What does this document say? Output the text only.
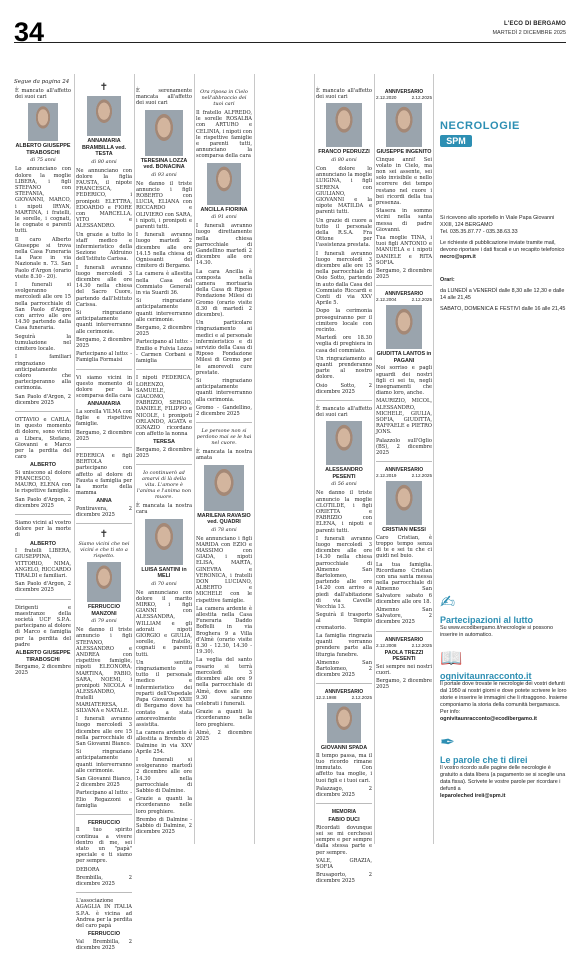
34	L'ECO DI BERGAMO
MARTEDÌ 2 DICEMBRE 2025
Segue da pagina 24
È mancato all'affetto dei suoi cari
ALBERTO GIUSEPPE TIRABOSCHI
di 75 anni
Lo annunciano con dolore la moglie LIBERA, i figli STEFANO con STEFANIA, GIOVANNI, MARCO, i nipoti IRYAN, MARTINA, i fratelli, le sorelle, i cognati, le cognate e parenti tutti.
Il caro Alberto Giuseppe si trova nella Casa Funeraria La Pace in via Nazionale n. 73. San Paolo d'Argon (orario visite 8.30 - 20).
I funerali si svolgeranno mercoledì alle ore 15 nella parrocchiale di San Paolo d'Argon con arrivo alle ore 14.50 partendo dalla Casa funeraria.
Seguirà la tumulazione nel cimitero locale.
I familiari ringraziano anticipatamente coloro che parteciperanno alla cerimonia.
San Paolo d'Argon, 2 dicembre 2025
OTTAVIO e CARLA, in questo momento di dolore, sono vicini a Libera, Stefano, Giovanni e Marco per la perdita del caro
ALBERTO
Si uniscono al dolore FRANCESCO, MAURO, ELENA con le rispettive famiglie.
San Paolo d'Argon, 2 dicembre 2025
Siamo vicini al vostro dolore per la morte di
ALBERTO
I fratelli LIBERA, GIUSEPPINA, VITTORIO, NIMA, ANGELO, RICCARDO TIRALDI e familiari.
San Paolo d'Argon, 2 dicembre 2025
Dirigenti e maestranze della società UCF S.P.A. partecipano al dolore di Marco e famiglia per la perdita del padre
ALBERTO GIUSEPPE TIRABOSCHI
Bergamo, 2 dicembre 2025
✝
ANNAMARIA BRAMBILLA ved. TESTA
di 80 anni
Ne annunciano con dolore la figlia FAUSTA, il nipote FRANCESCA, FEDERICO, i pronipoti ELETTRA, EDOARDO e FIORE con MARCELLA, VITO e ALESSANDRO.
Un grazie a tutto lo staff medico e infermieristico della Sezione Aldruino dell'Istituto Carissa.
I funerali avranno luogo mercoledì 3 dicembre alle ore 14.30 nella chiesa del Sacro Cuore, partendo dall'Istituto Carissa.
Si ringraziano anticipatamente quanti interverranno alle cerimonie.
Bergamo, 2 dicembre 2025
Partecipano al lutto: - Famiglia Formaisi
Vi siamo vicini in questo momento di dolore per la scomparsa della cara
ANNAMARIA
La sorella VILMA con figlie e rispettive famiglie.
Bergamo, 2 dicembre 2025
FEDERICA e figli BERTOLA partecipano con affetto al dolore di Fausta e famiglia per la morte della mamma
ANNA
Pontiravera, 2 dicembre 2025
✝
Siamo vicini che nei vicini e che ti sto a rispetto.
FERRUCCIO MANZONI
di 79 anni
Ne danno il triste annuncio i figli STEFANO, ALESSANDRO e ANDREA con rispettive famiglie, nipoti ELEONORA, MARTINA, FABIO, SARA, NOEMI, i pronipoti NICOLA e ALESSANDRO, fratelli MARIATERESA, SILVANA e NATALE.
I funerali avranno luogo mercoledì 3 dicembre alle ore 15 nella parrocchiale di San Giovanni Bianco.
Si ringraziano anticipatamente quanti interverranno alle cerimonie.
San Giovanni Bianco, 2 dicembre 2025
Partecipano al lutto: - Elio Regazzoni e famiglia
FERRUCCIO
Il tuo spirito continua a vivere dentro di me, sei stato un "papà" speciale e ti siamo per sempre.
DEBORA
Brembilla, 2 dicembre 2025
L'associazione AGAGLIA IN ITALIA S.P.A. è vicina ad Andrea per la perdita del caro papà
FERRUCCIO
Val Brembilla, 2 dicembre 2025
È serenamente mancata all'affetto dei suoi cari
TERESINA LOZZA ved. BONACINA
di 93 anni
Ne danno il triste annuncio i figli ROBERTO con LUCIA, ELIANA con RICCARDO e OLIVIERO con SARA, i nipoti, i pronipoti e parenti tutti.
I funerali avranno luogo martedì 2 dicembre alle ore 14.15 nella chiesa di Ognissanti del cimitero di Bergamo.
La camera è allestita nella Casa del Commiato Generali in via Suardi 36.
Si ringraziano anticipatamente quanti interverranno alle cerimonie.
Bergamo, 2 dicembre 2025
Partecipano al lutto: - Emilio e Fulvia Lozza - Carmen Corbani e famiglia
I nipoti FEDERICA, LORENZO, SAMUELE, GIACOMO, FABRIZIO, SERGIO, DANIELE, FILIPPO e NICOLE, i pronipoti ORLANDO, AGATA e IGNAZIO ricordano con affetto la nonna
TERESA
Bergamo, 2 dicembre 2025
Io continuerò ad amarvi di là della vita. L'amore è l'anima e l'anima non muore.
È mancata la nostra cara
LUISA SANTINI in MELI
di 70 anni
Ne annunciano con dolore il marito MIRKO, i figli GIANNI con ALESSANDRA, WILLIAM e gli adorati nipoti GIORGIO e GIULIA, sorelle, fratello, cognati e parenti tutti.
Un sentito ringraziamento a tutto il personale medico e infermieristico dei reparti dell'Ospedale Papa Giovanni XXIII di Bergamo dove ha contato a stata amorevolmente assistita.
La camera ardente è allestita a Brembo di Dalmine in via XXV Aprile 254.
I funerali si svolgeranno martedì 2 dicembre alle ore 14.30 nella parrocchiale di Sabbio di Dalmine.
Grazie a quanti la ricorderanno nelle loro preghiere.
Brembo di Dalmine - Sabbio di Dalmine, 2 dicembre 2025
Ora riposa in Cielo nell'abbraccio dei tuoi cari
Il fratello ALFREDO, le sorelle ROSALBA con ARTURO e CELINIA, i nipoti con le rispettive famiglie e parenti tutti, annunciano la scomparsa della cara
ANCILLA FIORINA
di 91 anni
I funerali avranno luogo direttamente nella chiesa parrocchiale di Gandellino martedì 2 dicembre alle ore 14.30.
La cara Ancilla è composta nella camera mortuaria della Casa di Riposo Fondazione Milesi di Gromo (orario visite 8.30 di martedì 2 dicembre).
Un particolare ringraziamento ai medici e al personale infermieristico e di servizio della Casa di Riposo Fondazione Milesi di Gromo per le amorevoli cure prestate.
Si ringraziano anticipatamente quanti interverranno alla cerimonia.
Gromo - Gandellino, 2 dicembre 2025
Le persone non si perdono mai se le hai nel cuore.
È mancata la nostra amata
MARILENA RAVASIO ved. QUADRI
di 78 anni
Ne annunciano i figli MARIDA con EZIO e MASSIMO con GIADA, i nipoti ELISA, MARTA, GINEVRA e VERONICA, i fratelli DON LUCIANO, ALBERTO e MICHELE con le rispettive famiglie.
La camera ardente è allestita nella Casa Funeraria Daddo Boffelli in via Broghera 9 a Villa d'Almè (orario visite 8.30 - 12.30, 14.30 - 19.30).
La veglia del santo rosario si terrà mercoledì 3 dicembre alle ore 9 nella parrocchiale di Almè, dove alle ore 9.30 saranno celebrati i funerali.
Grazie a quanti la ricorderanno nelle loro preghiere.
Almè, 2 dicembre 2025
È mancato all'affetto dei suoi cari
FRANCO PEDRUZZI
di 80 anni
Con dolore lo annunciano la moglie LUIGINA, i figli SERENA con GIULIANO, GIOVANNI e la nipote MATILDA e parenti tutti.
Un grazie di cuore a tutto il personale della R.S.A. Fra Ottone per l'assistenza prestata.
I funerali avranno luogo mercoledì 3 dicembre alle ore 15 nella parrocchiale di Osio Sotto, partendo in auto dalla Casa del Commiato Riccardi e Conti di via XXV Aprile 5.
Dopo la cerimonia proseguiranno per il cimitero locale con recinto.
Martedì ore 18.30 veglia di preghiera in casa del commiato.
Un ringraziamento a quanti prenderanno parte al nostro dolore.
Osio Sotto, 2 dicembre 2025
È mancato all'affetto dei suoi cari
ALESSANDRO PESENTI
di 56 anni
Ne danno il triste annuncio la moglie CLOTILDE, i figli ORIETTA e FABRIZIO con ELENA, i nipoti e parenti tutti.
I funerali avranno luogo mercoledì 3 dicembre alle ore 14.30 nella chiesa parrocchiale di Almenno San Bartolomeo, partendo alle ore 14.20 con arrivo a piedi dall'abitazione di via Cavelle Vecchia 13.
Seguirà il trasporto al Tempio crematorio.
La famiglia ringrazia quanti vorranno prendere parte alla liturgia funebre.
Almenno San Bartolomeo, 2 dicembre 2025
ANNIVERSARIO
12.2.1988	2.12.2025
GIOVANNI SPADA
Il tempo passa, ma il tuo ricordo rimane immutato. Con affetto tua moglie, i tuoi figli e i tuoi cari.
Palazzago, 2 dicembre 2025
MEMORIA
FABIO DUCI
Ricordati dovunque sei se mi cerchessi sempre e per sempre dalla stessa parte e per sempre.
VALE, GRAZIA, SOFIA
Brusaporto, 2 dicembre 2025
ANNIVERSARIO
2.12.2020	2.12.2025
GIUSEPPE INGENITO
Cinque anni! Sei volato in Cielo, ma non sei assente, sei solo invisibile e nello scorrere dei tempo restano nel cuore i bei ricordi della tua presenza.
Stasera in sommo vicini nella santa messa di padre Giovanni.
Tua moglie TINA, i tuoi figli ANTONIO e MANUELA e i nipoti DANIELE e RITA SOFIA.
Bergamo, 2 dicembre 2025
ANNIVERSARIO
2.12.2004	2.12.2025
GIUDITTA LANTOS in PAGANI
Noi sorriso e pagli sguardi dei nostri figli ci sei tu, negli insegnamenti che diamo loro, anche.
MAURIZIO, MICOL, ALESSANDRO, MICHELE, GIULIA, SOFIA, GIUDITTA, RAFFAELE e PIETRO JONS.
Palazzolo sull'Oglio (BS), 2 dicembre 2025
ANNIVERSARIO
2.12.2019	2.12.2025
CRISTIAN MESSI
Caro Cristian, è troppo tempo senza di te e sei tu che ci guidi nel buio.
La tua famiglia. Ricordiamo Cristian con una santa messa nella parrocchiale di Almenno San Salvatore sabato 6 dicembre alle ore 18.
Almenno San Salvatore, 2 dicembre 2025
ANNIVERSARIO
2.12.2008	2.12.2025
PAOLA TREZZI PESENTI
Sei sempre nei nostri cuori.
Bergamo, 2 dicembre 2025
NECROLOGIE
SPM
Si ricevono allo sportello in Viale Papa Giovanni XXIII, 124 BERGAMO
Tel. 035.35.87.77 - 035.38.63.33
Le richieste di pubblicazione inviate tramite mail, devono riportare i dati fiscali e un recapito telefonico
necro@spm.it
Orari:
da LUNEDÌ a VENERDÌ dalle 8,30 alle 12,30 e dalle 14 alle 21,45
SABATO, DOMENICA E FESTIVI dalle 16 alle 21,45
✍
Partecipazioni al lutto
Su www.ecodibergamo.it/necrologie si possono inserire in automatico.
📖
ognivitaunracconto.it
Il portale dove trovate le necrologie dei vostri defunti dal 1950 ai nostri giorni e dove potete scrivere le loro storie e inserire le immagini che li ritraggono. Insieme componiamo la storia della comunità bergamasca. Per info:
ognivitaunracconto@ecodibergamo.it
✒
Le parole che ti direi
Il vostro ricordo sulle pagine delle necrologie è gratuito a data libera (a pagamento se si sceglie una data fissa). Scrivete le vostre parole per ricordare i defunti a
leparoleched ireii@spm.it
